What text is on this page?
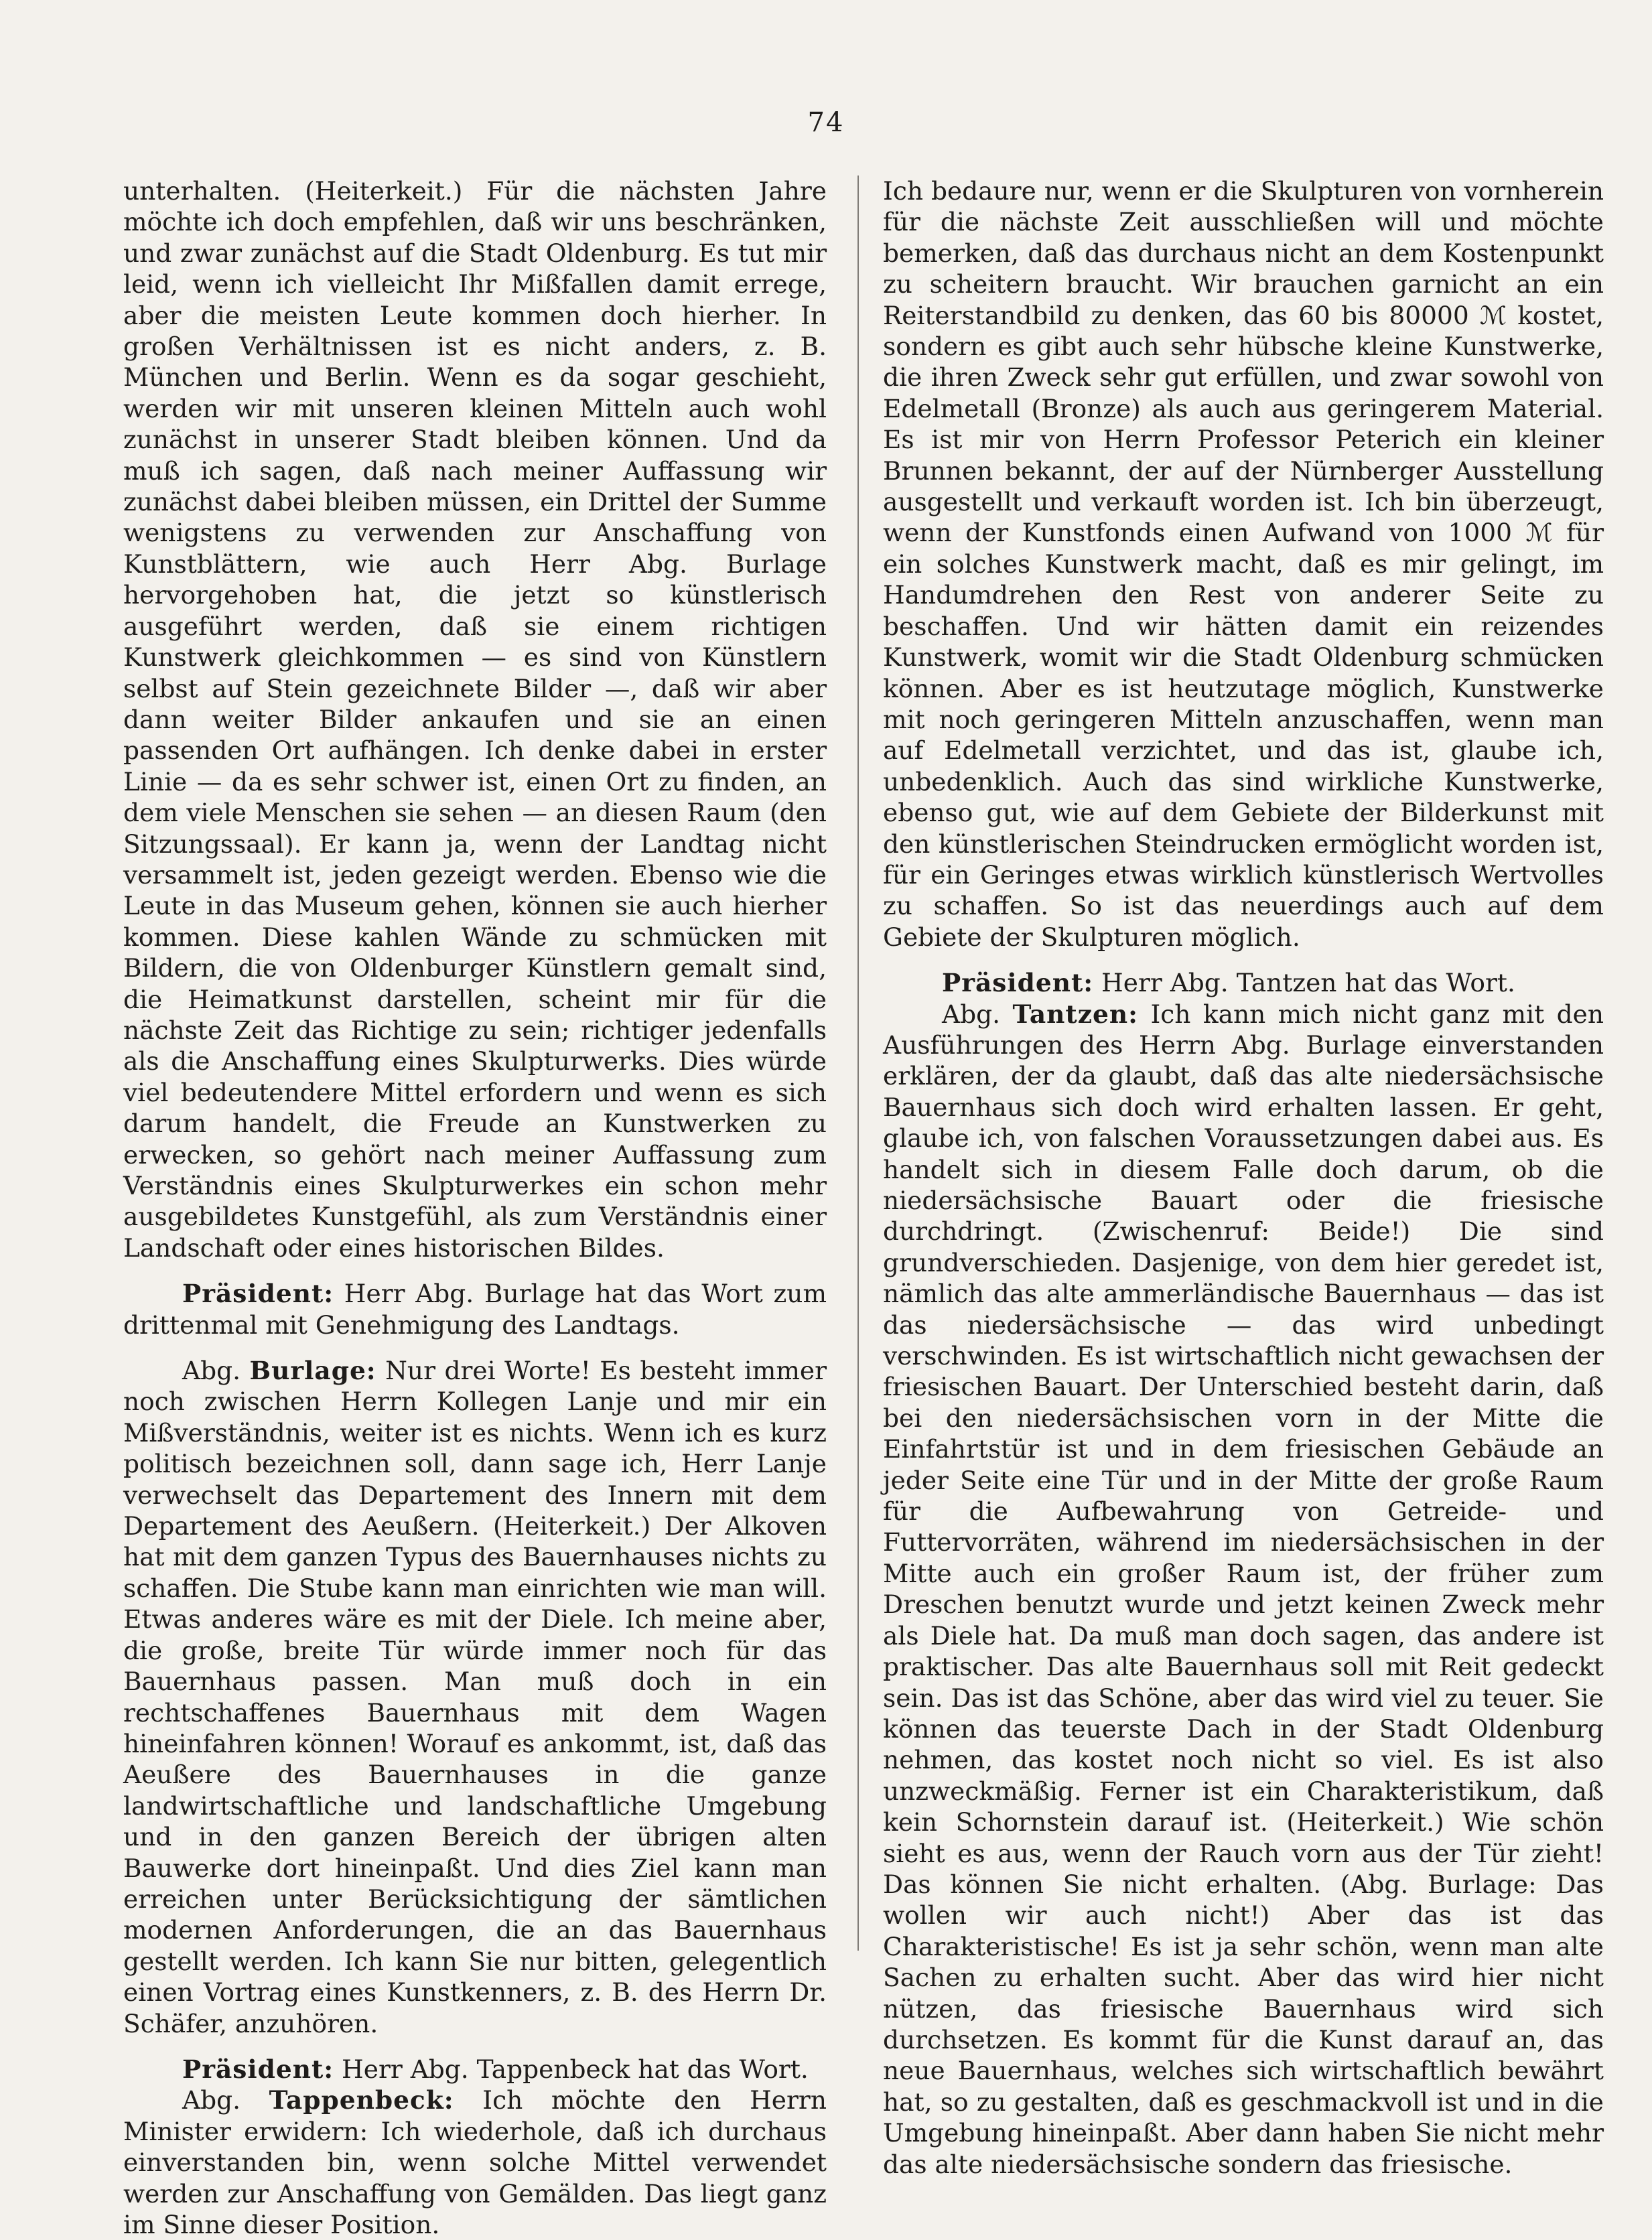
74

unterhalten. (Heiterkeit.) Für die nächsten Jahre möchte ich doch empfehlen, daß wir uns beschränken, und zwar zunächst auf die Stadt Oldenburg. Es tut mir leid, wenn ich vielleicht Ihr Mißfallen damit errege, aber die meisten Leute kommen doch hierher. In großen Verhältnissen ist es nicht anders, z. B. München und Berlin. Wenn es da sogar geschieht, werden wir mit unseren kleinen Mitteln auch wohl zunächst in unserer Stadt bleiben können. Und da muß ich sagen, daß nach meiner Auffassung wir zunächst dabei bleiben müssen, ein Drittel der Summe wenigstens zu verwenden zur Anschaffung von Kunstblättern, wie auch Herr Abg. Burlage hervorgehoben hat, die jetzt so künstlerisch ausgeführt werden, daß sie einem richtigen Kunstwerk gleichkommen — es sind von Künstlern selbst auf Stein gezeichnete Bilder —, daß wir aber dann weiter Bilder ankaufen und sie an einen passenden Ort aufhängen. Ich denke dabei in erster Linie — da es sehr schwer ist, einen Ort zu finden, an dem viele Menschen sie sehen — an diesen Raum (den Sitzungssaal). Er kann ja, wenn der Landtag nicht versammelt ist, jeden gezeigt werden. Ebenso wie die Leute in das Museum gehen, können sie auch hierher kommen. Diese kahlen Wände zu schmücken mit Bildern, die von Oldenburger Künstlern gemalt sind, die Heimatkunst darstellen, scheint mir für die nächste Zeit das Richtige zu sein; richtiger jedenfalls als die Anschaffung eines Skulpturwerks. Dies würde viel bedeutendere Mittel erfordern und wenn es sich darum handelt, die Freude an Kunstwerken zu erwecken, so gehört nach meiner Auffassung zum Verständnis eines Skulpturwerkes ein schon mehr ausgebildetes Kunstgefühl, als zum Verständnis einer Landschaft oder eines historischen Bildes.

Präsident: Herr Abg. Burlage hat das Wort zum drittenmal mit Genehmigung des Landtags.

Abg. Burlage: Nur drei Worte! Es besteht immer noch zwischen Herrn Kollegen Lanje und mir ein Mißverständnis, weiter ist es nichts. Wenn ich es kurz politisch bezeichnen soll, dann sage ich, Herr Lanje verwechselt das Departement des Innern mit dem Departement des Aeußern. (Heiterkeit.) Der Alkoven hat mit dem ganzen Typus des Bauernhauses nichts zu schaffen. Die Stube kann man einrichten wie man will. Etwas anderes wäre es mit der Diele. Ich meine aber, die große, breite Tür würde immer noch für das Bauernhaus passen. Man muß doch in ein rechtschaffenes Bauernhaus mit dem Wagen hineinfahren können! Worauf es ankommt, ist, daß das Aeußere des Bauernhauses in die ganze landwirtschaftliche und landschaftliche Umgebung und in den ganzen Bereich der übrigen alten Bauwerke dort hineinpaßt. Und dies Ziel kann man erreichen unter Berücksichtigung der sämtlichen modernen Anforderungen, die an das Bauernhaus gestellt werden. Ich kann Sie nur bitten, gelegentlich einen Vortrag eines Kunstkenners, z. B. des Herrn Dr. Schäfer, anzuhören.

Präsident: Herr Abg. Tappenbeck hat das Wort.

Abg. Tappenbeck: Ich möchte den Herrn Minister erwidern: Ich wiederhole, daß ich durchaus einverstanden bin, wenn solche Mittel verwendet werden zur Anschaffung von Gemälden. Das liegt ganz im Sinne dieser Position.

Ich bedaure nur, wenn er die Skulpturen von vornherein für die nächste Zeit ausschließen will und möchte bemerken, daß das durchaus nicht an dem Kostenpunkt zu scheitern braucht. Wir brauchen garnicht an ein Reiterstandbild zu denken, das 60 bis 80000 ℳ kostet, sondern es gibt auch sehr hübsche kleine Kunstwerke, die ihren Zweck sehr gut erfüllen, und zwar sowohl von Edelmetall (Bronze) als auch aus geringerem Material. Es ist mir von Herrn Professor Peterich ein kleiner Brunnen bekannt, der auf der Nürnberger Ausstellung ausgestellt und verkauft worden ist. Ich bin überzeugt, wenn der Kunstfonds einen Aufwand von 1000 ℳ für ein solches Kunstwerk macht, daß es mir gelingt, im Handumdrehen den Rest von anderer Seite zu beschaffen. Und wir hätten damit ein reizendes Kunstwerk, womit wir die Stadt Oldenburg schmücken können. Aber es ist heutzutage möglich, Kunstwerke mit noch geringeren Mitteln anzuschaffen, wenn man auf Edelmetall verzichtet, und das ist, glaube ich, unbedenklich. Auch das sind wirkliche Kunstwerke, ebenso gut, wie auf dem Gebiete der Bilderkunst mit den künstlerischen Steindrucken ermöglicht worden ist, für ein Geringes etwas wirklich künstlerisch Wertvolles zu schaffen. So ist das neuerdings auch auf dem Gebiete der Skulpturen möglich.

Präsident: Herr Abg. Tantzen hat das Wort.

Abg. Tantzen: Ich kann mich nicht ganz mit den Ausführungen des Herrn Abg. Burlage einverstanden erklären, der da glaubt, daß das alte niedersächsische Bauernhaus sich doch wird erhalten lassen. Er geht, glaube ich, von falschen Voraussetzungen dabei aus. Es handelt sich in diesem Falle doch darum, ob die niedersächsische Bauart oder die friesische durchdringt. (Zwischenruf: Beide!) Die sind grundverschieden. Dasjenige, von dem hier geredet ist, nämlich das alte ammerländische Bauernhaus — das ist das niedersächsische — das wird unbedingt verschwinden. Es ist wirtschaftlich nicht gewachsen der friesischen Bauart. Der Unterschied besteht darin, daß bei den niedersächsischen vorn in der Mitte die Einfahrtstür ist und in dem friesischen Gebäude an jeder Seite eine Tür und in der Mitte der große Raum für die Aufbewahrung von Getreide- und Futtervorräten, während im niedersächsischen in der Mitte auch ein großer Raum ist, der früher zum Dreschen benutzt wurde und jetzt keinen Zweck mehr als Diele hat. Da muß man doch sagen, das andere ist praktischer. Das alte Bauernhaus soll mit Reit gedeckt sein. Das ist das Schöne, aber das wird viel zu teuer. Sie können das teuerste Dach in der Stadt Oldenburg nehmen, das kostet noch nicht so viel. Es ist also unzweckmäßig. Ferner ist ein Charakteristikum, daß kein Schornstein darauf ist. (Heiterkeit.) Wie schön sieht es aus, wenn der Rauch vorn aus der Tür zieht! Das können Sie nicht erhalten. (Abg. Burlage: Das wollen wir auch nicht!) Aber das ist das Charakteristische! Es ist ja sehr schön, wenn man alte Sachen zu erhalten sucht. Aber das wird hier nicht nützen, das friesische Bauernhaus wird sich durchsetzen. Es kommt für die Kunst darauf an, das neue Bauernhaus, welches sich wirtschaftlich bewährt hat, so zu gestalten, daß es geschmackvoll ist und in die Umgebung hineinpaßt. Aber dann haben Sie nicht mehr das alte niedersächsische sondern das friesische.
